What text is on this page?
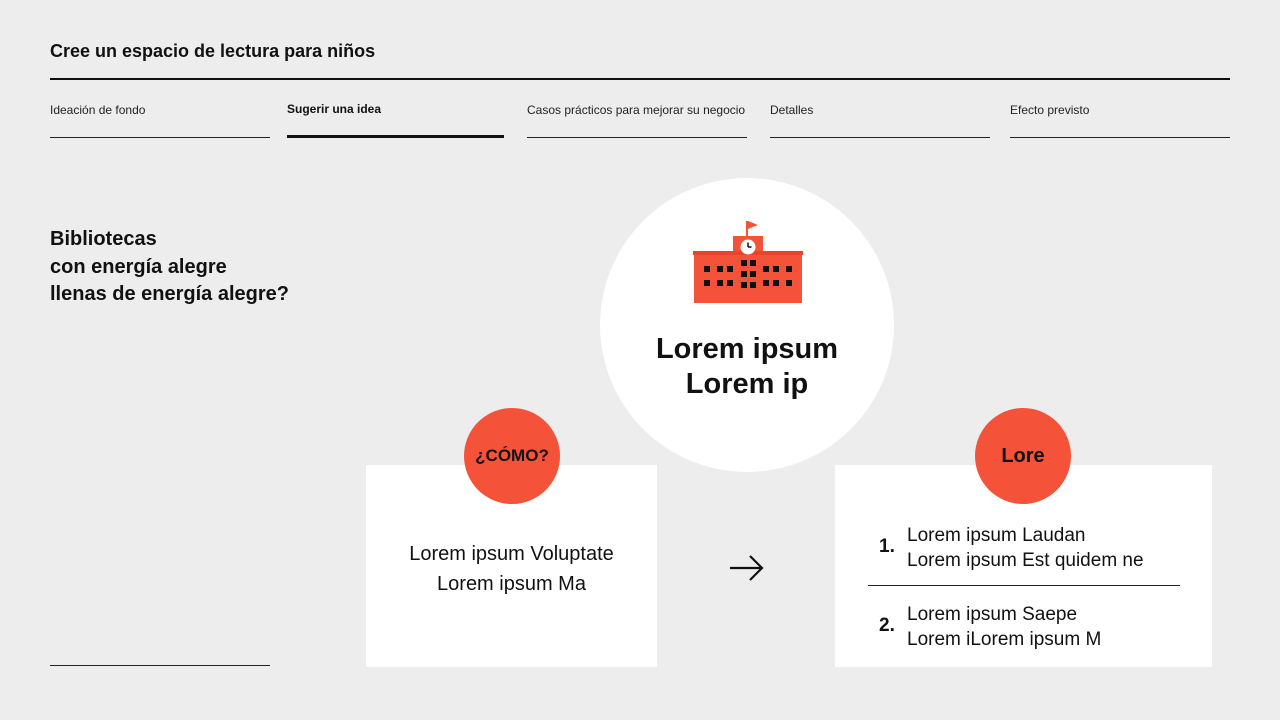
Cree un espacio de lectura para niños
Ideación de fondo	Sugerir una idea	Casos prácticos para mejorar su negocio Detalles	Efecto previsto
Bibliotecas
con energía alegre
llenas de energía alegre?
Lorem ipsum
Lorem ip
Lorem ipsum Voluptate
Lorem ipsum Ma
¿CÓMO?
1.
Lorem ipsum Laudan
Lorem ipsum Est quidem ne
2.
Lorem ipsum Saepe
Lorem iLorem ipsum M
Lore
